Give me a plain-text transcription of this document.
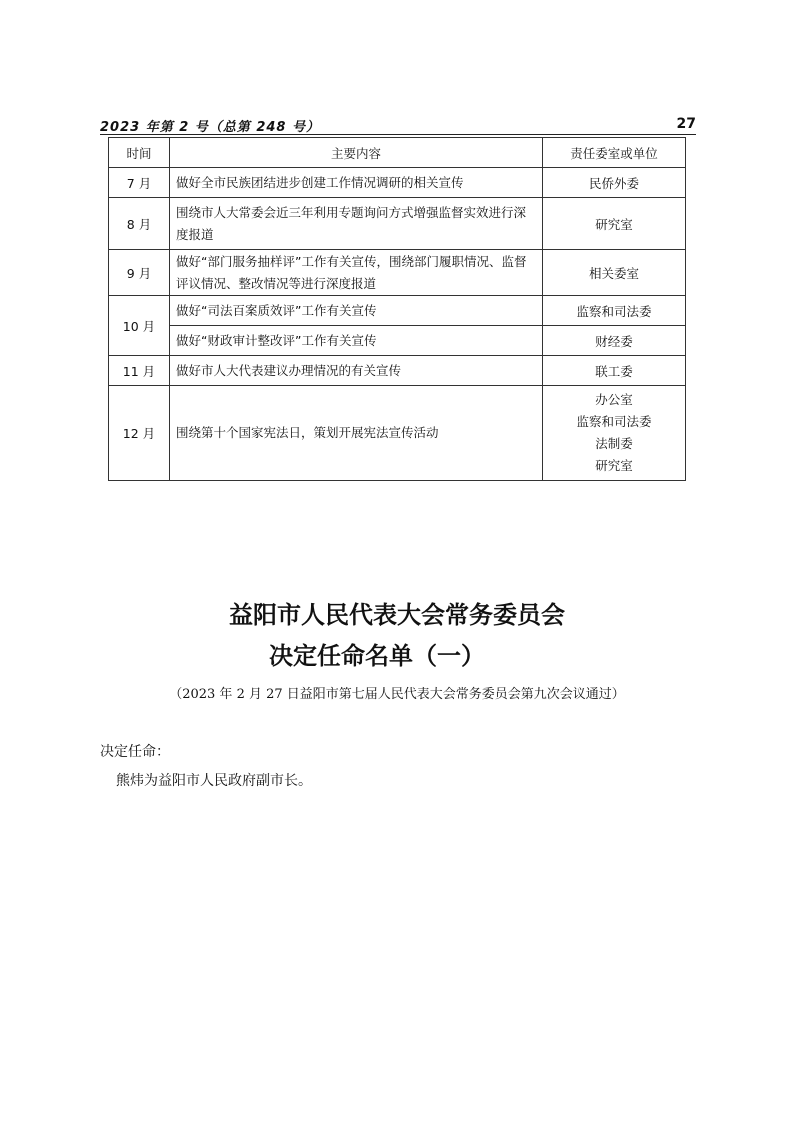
2023 年第 2 号（总第 248 号）	27
时间	主要内容	责任委室或单位
7 月	做好全市民族团结进步创建工作情况调研的相关宣传	民侨外委
8 月	围绕市人大常委会近三年利用专题询问方式增强监督实效进行深度报道	研究室
9 月	做好“部门服务抽样评”工作有关宣传，围绕部门履职情况、监督评议情况、整改情况等进行深度报道	相关委室
10 月	做好“司法百案质效评”工作有关宣传	监察和司法委
	做好“财政审计整改评”工作有关宣传	财经委
11 月	做好市人大代表建议办理情况的有关宣传	联工委
12 月	围绕第十个国家宪法日，策划开展宪法宣传活动	办公室
监察和司法委
法制委
研究室
益阳市人民代表大会常务委员会
决定任命名单（一）
（2023 年 2 月 27 日益阳市第七届人民代表大会常务委员会第九次会议通过）
决定任命：
熊炜为益阳市人民政府副市长。
